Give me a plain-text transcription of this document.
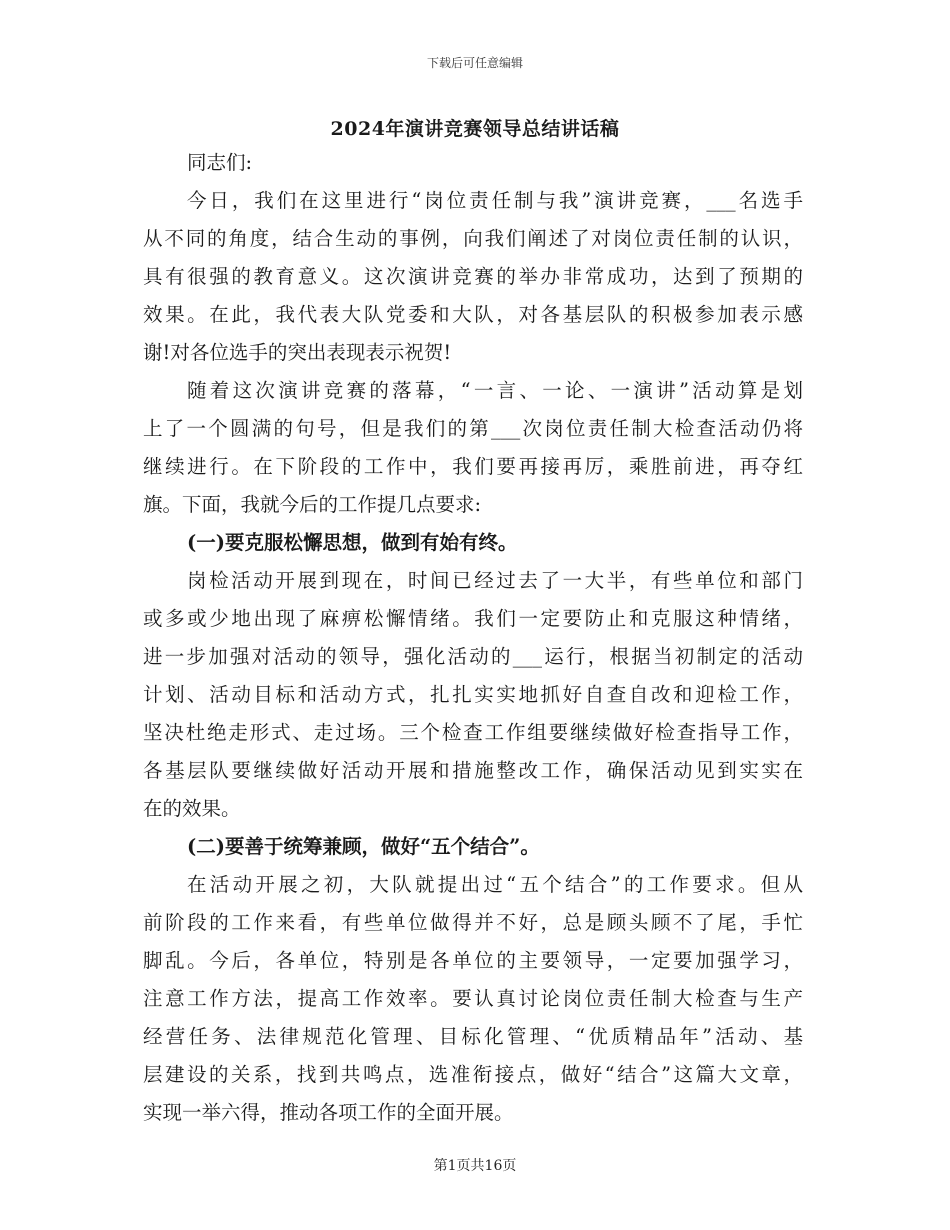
下载后可任意编辑
2024年演讲竞赛领导总结讲话稿
同志们:
今日，我们在这里进行“岗位责任制与我”演讲竞赛，___名选手
从不同的角度，结合生动的事例，向我们阐述了对岗位责任制的认识，
具有很强的教育意义。这次演讲竞赛的举办非常成功，达到了预期的
效果。在此，我代表大队党委和大队，对各基层队的积极参加表示感
谢!对各位选手的突出表现表示祝贺!
随着这次演讲竞赛的落幕，“一言、一论、一演讲”活动算是划
上了一个圆满的句号，但是我们的第___次岗位责任制大检查活动仍将
继续进行。在下阶段的工作中，我们要再接再厉，乘胜前进，再夺红
旗。下面，我就今后的工作提几点要求:
(一)要克服松懈思想，做到有始有终。
岗检活动开展到现在，时间已经过去了一大半，有些单位和部门
或多或少地出现了麻痹松懈情绪。我们一定要防止和克服这种情绪，
进一步加强对活动的领导，强化活动的___运行，根据当初制定的活动
计划、活动目标和活动方式，扎扎实实地抓好自查自改和迎检工作，
坚决杜绝走形式、走过场。三个检查工作组要继续做好检查指导工作，
各基层队要继续做好活动开展和措施整改工作，确保活动见到实实在
在的效果。
(二)要善于统筹兼顾，做好“五个结合”。
在活动开展之初，大队就提出过“五个结合”的工作要求。但从
前阶段的工作来看，有些单位做得并不好，总是顾头顾不了尾，手忙
脚乱。今后，各单位，特别是各单位的主要领导，一定要加强学习，
注意工作方法，提高工作效率。要认真讨论岗位责任制大检查与生产
经营任务、法律规范化管理、目标化管理、“优质精品年”活动、基
层建设的关系，找到共鸣点，选准衔接点，做好“结合”这篇大文章，
实现一举六得，推动各项工作的全面开展。
第1页共16页
